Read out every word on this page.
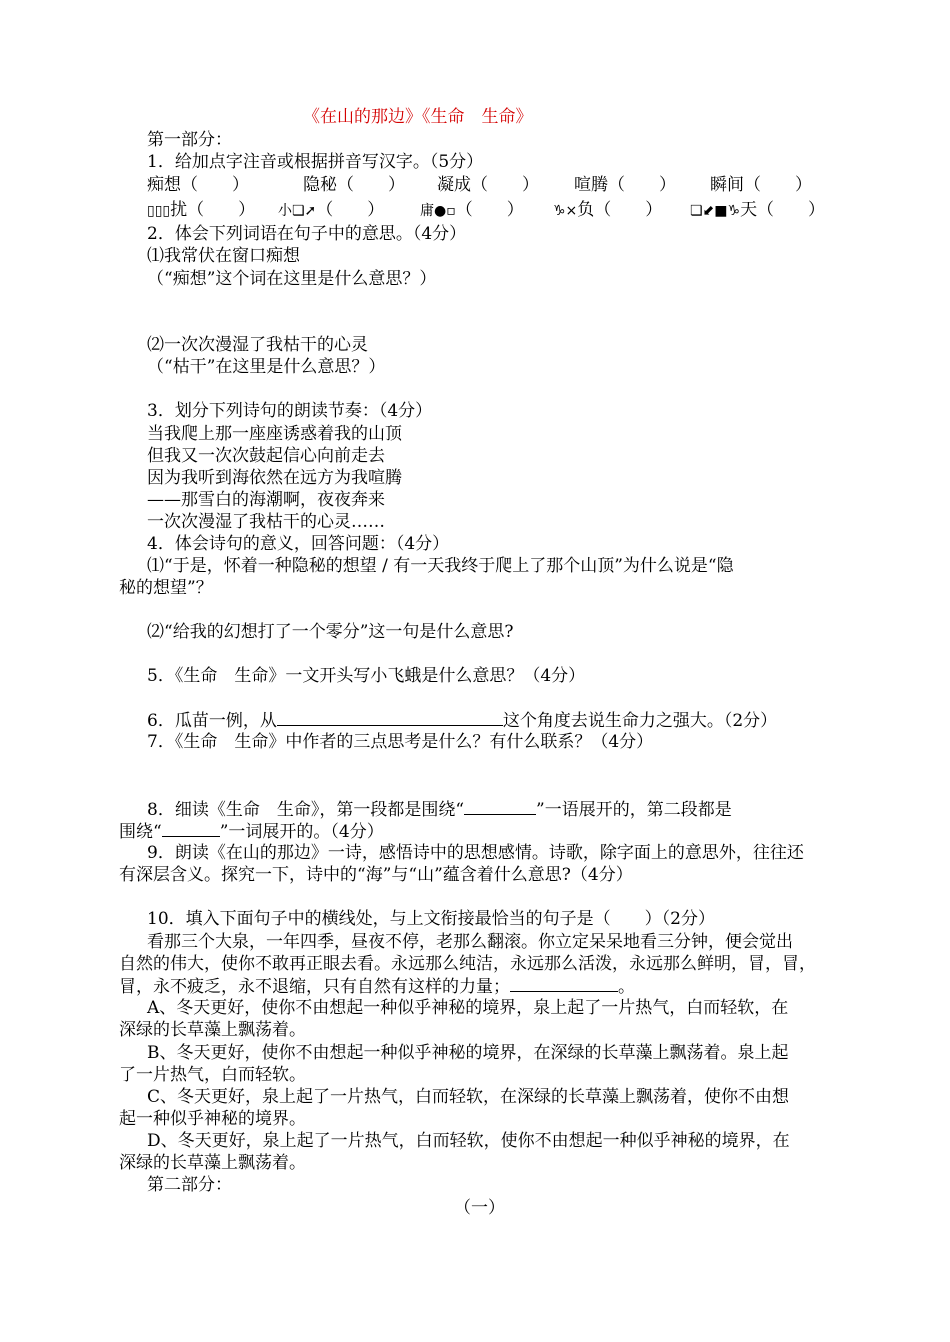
《在山的那边》《生命　生命》
第一部分：
1．给加点字注音或根据拼音写汉字。（5分）
痴想（　　）	隐秘（　　） 凝成（　　） 喧腾（　　） 瞬间（　　）
▯▯▯扰（　　） 小❏➚（　　）	庸●▫（　　） ♑×负（　　） ❏⬋■♑天（　　）
2．体会下列词语在句子中的意思。（4分）
⑴我常伏在窗口痴想
（“痴想”这个词在这里是什么意思？）
⑵一次次漫湿了我枯干的心灵
（“枯干”在这里是什么意思？）
3．划分下列诗句的朗读节奏：（4分）
当我爬上那一座座诱惑着我的山顶
但我又一次次鼓起信心向前走去
因为我听到海依然在远方为我喧腾
——那雪白的海潮啊，夜夜奔来
一次次漫湿了我枯干的心灵……
4．体会诗句的意义，回答问题：（4分）
⑴“于是，怀着一种隐秘的想望 / 有一天我终于爬上了那个山顶”为什么说是“隐
秘的想望”？
⑵“给我的幻想打了一个零分”这一句是什么意思?
5．《生命　生命》一文开头写小飞蛾是什么意思？（4分）
6．瓜苗一例，从	这个角度去说生命力之强大。（2分）
7．《生命　生命》中作者的三点思考是什么？有什么联系？（4分）
8．细读《生命　生命》，第一段都是围绕“	”一语展开的，第二段都是
围绕“	”一词展开的。（4分）
9．朗读《在山的那边》一诗，感悟诗中的思想感情。诗歌，除字面上的意思外，往往还
有深层含义。探究一下，诗中的“海”与“山”蕴含着什么意思?（4分）
10．填入下面句子中的横线处，与上文衔接最恰当的句子是（　　）（2分）
看那三个大泉，一年四季，昼夜不停，老那么翻滚。你立定呆呆地看三分钟，便会觉出
自然的伟大，使你不敢再正眼去看。永远那么纯洁，永远那么活泼，永远那么鲜明，冒，冒，
冒，永不疲乏，永不退缩，只有自然有这样的力量；	。
A、冬天更好，使你不由想起一种似乎神秘的境界，泉上起了一片热气，白而轻软，在
深绿的长草藻上飘荡着。
B、冬天更好，使你不由想起一种似乎神秘的境界，在深绿的长草藻上飘荡着。泉上起
了一片热气，白而轻软。
C、冬天更好，泉上起了一片热气，白而轻软，在深绿的长草藻上飘荡着，使你不由想
起一种似乎神秘的境界。
D、冬天更好，泉上起了一片热气，白而轻软，使你不由想起一种似乎神秘的境界，在
深绿的长草藻上飘荡着。
第二部分：
（一）
